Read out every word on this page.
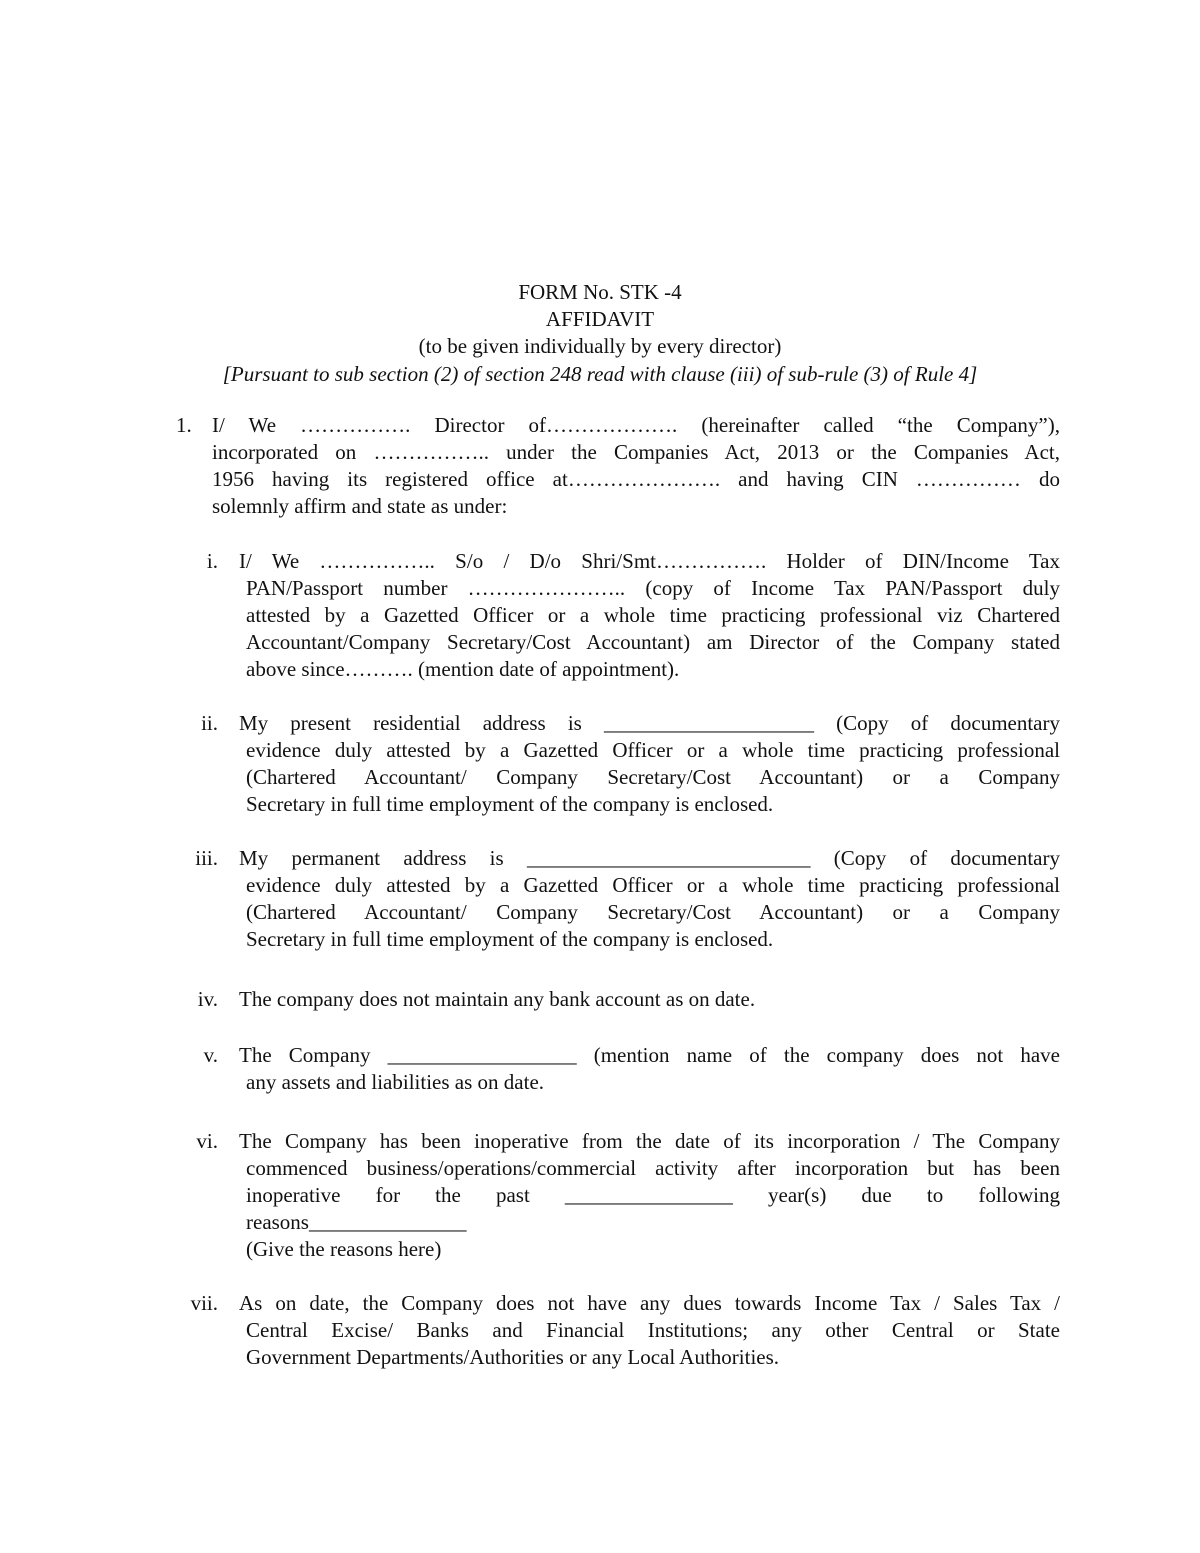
FORM No. STK -4

AFFIDAVIT

(to be given individually by every director)

[Pursuant to sub section (2) of section 248 read with clause (iii) of sub-rule (3) of Rule 4]

1. I/ We ……………. Director of………………. (hereinafter called “the Company”),
incorporated on …………….. under the Companies Act, 2013 or the Companies Act,
1956 having its registered office at…………………. and having CIN …………… do
solemnly affirm and state as under:
i. I/ We …………….. S/o / D/o Shri/Smt……………. Holder of DIN/Income Tax
PAN/Passport number ………………….. (copy of Income Tax PAN/Passport duly
attested by a Gazetted Officer or a whole time practicing professional viz Chartered
Accountant/Company Secretary/Cost Accountant) am Director of the Company stated
above since………. (mention date of appointment).
ii. My present residential address is ____________________ (Copy of documentary
evidence duly attested by a Gazetted Officer or a whole time practicing professional
(Chartered Accountant/ Company Secretary/Cost Accountant) or a Company
Secretary in full time employment of the company is enclosed.
iii. My permanent address is ___________________________ (Copy of documentary
evidence duly attested by a Gazetted Officer or a whole time practicing professional
(Chartered Accountant/ Company Secretary/Cost Accountant) or a Company
Secretary in full time employment of the company is enclosed.
iv. The company does not maintain any bank account as on date.
v. The Company __________________ (mention name of the company does not have
any assets and liabilities as on date.
vi. The Company has been inoperative from the date of its incorporation / The Company
commenced business/operations/commercial activity after incorporation but has been
inoperative for the past ________________ year(s) due to following
reasons_______________
(Give the reasons here)
vii. As on date, the Company does not have any dues towards Income Tax / Sales Tax /
Central Excise/ Banks and Financial Institutions; any other Central or State
Government Departments/Authorities or any Local Authorities.
